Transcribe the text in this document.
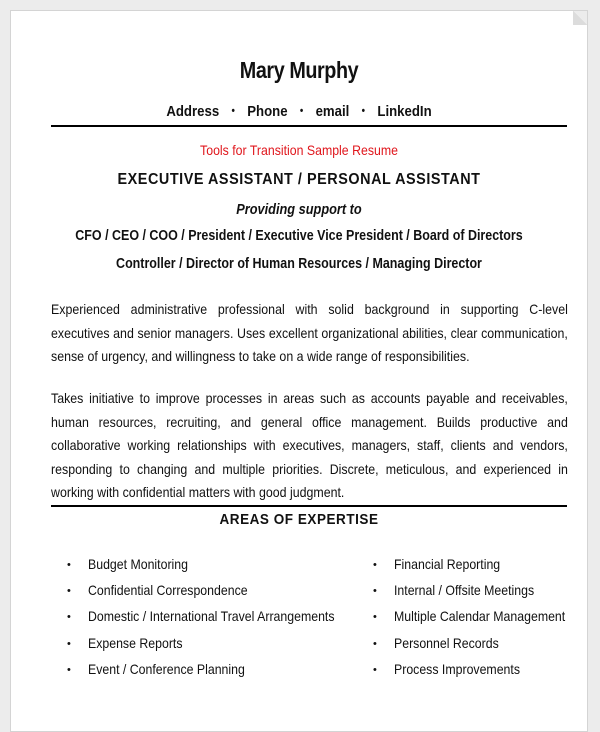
Mary Murphy
Address • Phone • email • LinkedIn
Tools for Transition Sample Resume
EXECUTIVE ASSISTANT / PERSONAL ASSISTANT
Providing support to
CFO / CEO / COO / President / Executive Vice President / Board of Directors
Controller / Director of Human Resources / Managing Director
Experienced administrative professional with solid background in supporting C-level executives and senior managers. Uses excellent organizational abilities, clear communication, sense of urgency, and willingness to take on a wide range of responsibilities.
Takes initiative to improve processes in areas such as accounts payable and receivables, human resources, recruiting, and general office management. Builds productive and collaborative working relationships with executives, managers, staff, clients and vendors, responding to changing and multiple priorities. Discrete, meticulous, and experienced in working with confidential matters with good judgment.
AREAS OF EXPERTISE
• Budget Monitoring
• Confidential Correspondence
• Domestic / International Travel Arrangements
• Expense Reports
• Event / Conference Planning
• Financial Reporting
• Internal / Offsite Meetings
• Multiple Calendar Management
• Personnel Records
• Process Improvements
